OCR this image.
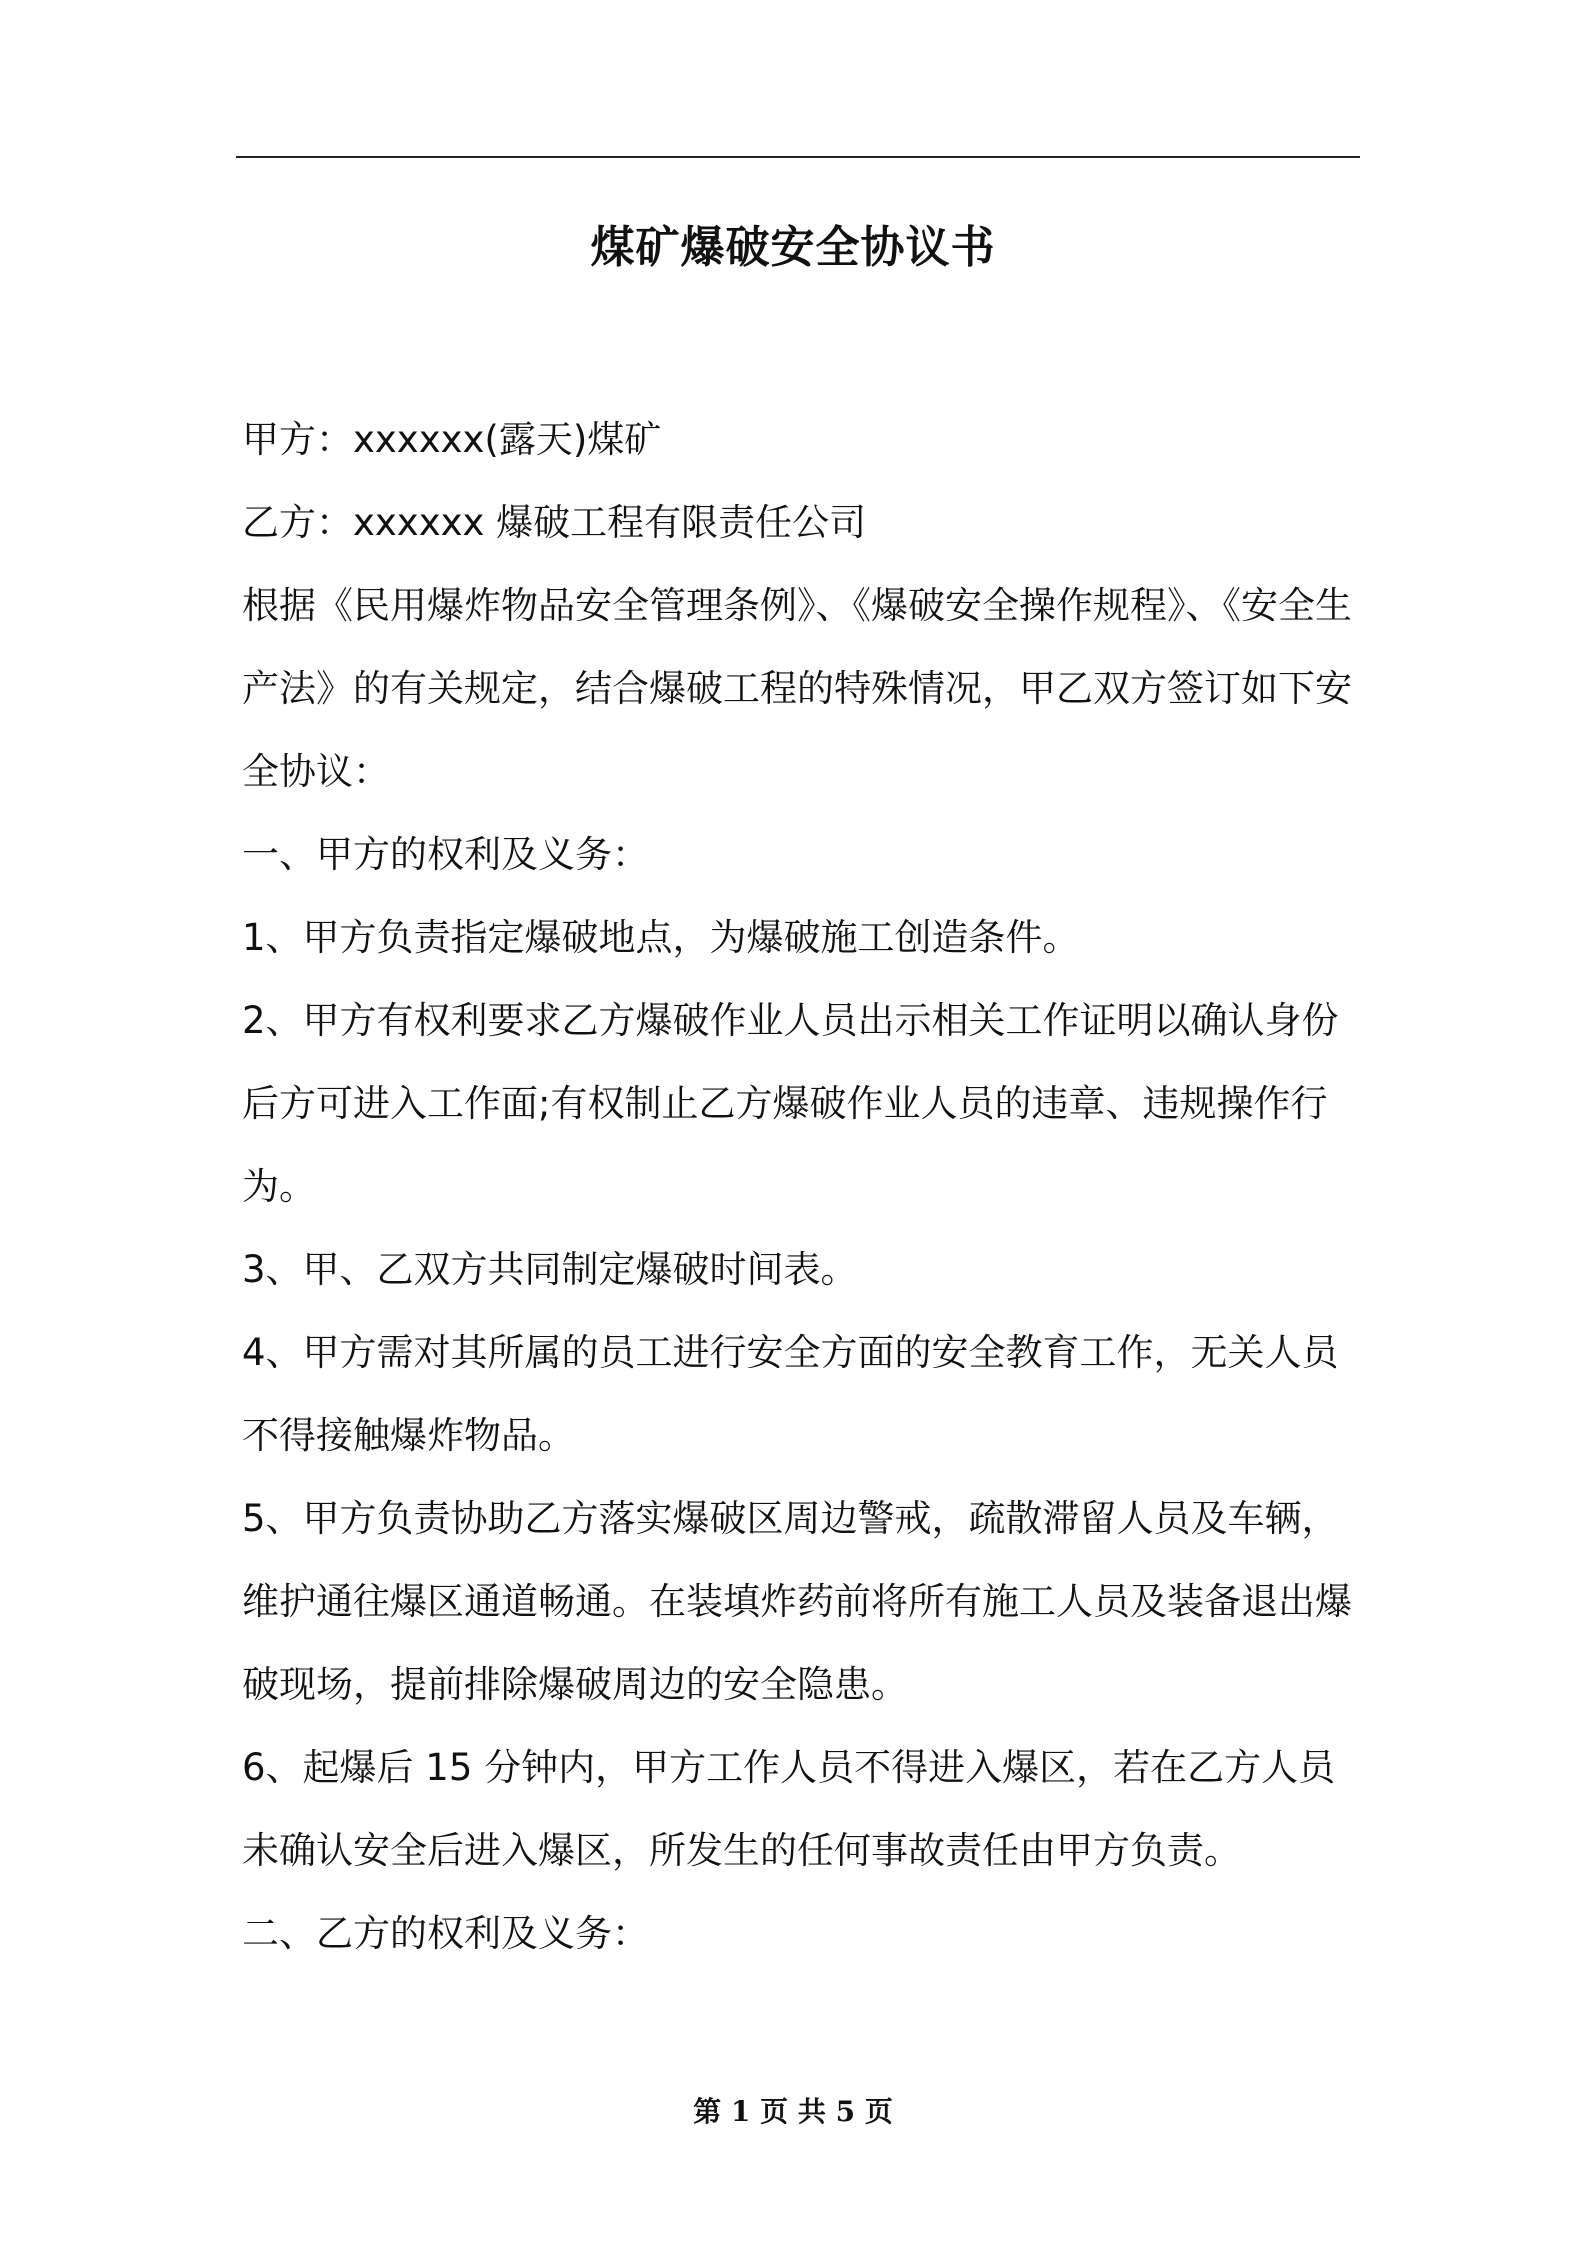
煤矿爆破安全协议书

甲方：xxxxxx(露天)煤矿

乙方：xxxxxx 爆破工程有限责任公司

根据《民用爆炸物品安全管理条例》、《爆破安全操作规程》、《安全生产法》的有关规定，结合爆破工程的特殊情况，甲乙双方签订如下安全协议：

一、甲方的权利及义务：

1、甲方负责指定爆破地点，为爆破施工创造条件。

2、甲方有权利要求乙方爆破作业人员出示相关工作证明以确认身份后方可进入工作面;有权制止乙方爆破作业人员的违章、违规操作行为。

3、甲、乙双方共同制定爆破时间表。

4、甲方需对其所属的员工进行安全方面的安全教育工作，无关人员不得接触爆炸物品。

5、甲方负责协助乙方落实爆破区周边警戒，疏散滞留人员及车辆，维护通往爆区通道畅通。在装填炸药前将所有施工人员及装备退出爆破现场，提前排除爆破周边的安全隐患。

6、起爆后 15 分钟内，甲方工作人员不得进入爆区，若在乙方人员未确认安全后进入爆区，所发生的任何事故责任由甲方负责。

二、乙方的权利及义务：

第 1 页 共 5 页
